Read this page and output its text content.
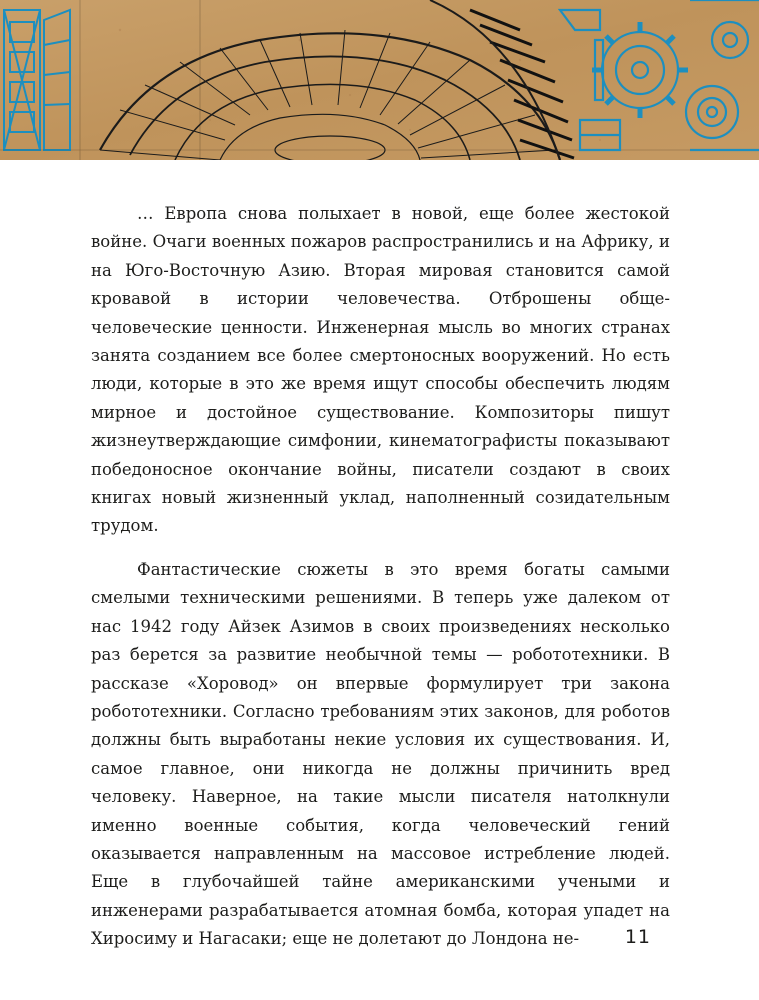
… Европа снова полыхает в новой, еще более жестокой войне. Очаги военных пожаров распространились и на Африку, и на Юго-Восточную Азию. Вторая мировая становится самой кровавой в истории человечества. Отброшены общечеловеческие ценности. Инженерная мысль во многих странах занята созданием все более смертоносных вооружений. Но есть люди, которые в это же время ищут способы обеспечить людям мирное и достойное существование. Композиторы пишут жизнеутверждающие симфонии, кинематографисты показывают победоносное окончание войны, писатели создают в своих книгах новый жизненный уклад, наполненный созидательным трудом.

Фантастические сюжеты в это время богаты самыми смелыми техническими решениями. В теперь уже далеком от нас 1942 году Айзек Азимов в своих произведениях несколько раз берется за развитие необычной темы — робототехники. В рассказе «Хоровод» он впервые формулирует три закона робототехники. Согласно требованиям этих законов, для роботов должны быть выработаны некие условия их существования. И, самое главное, они никогда не должны причинить вред человеку. Наверное, на такие мысли писателя натолкнули именно военные события, когда человеческий гений оказывается направленным на массовое истребление людей. Еще в глубочайшей тайне американскими учеными и инженерами разрабатывается атомная бомба, которая упадет на Хиросиму и Нагасаки; еще не долетают до Лондона не-	11
